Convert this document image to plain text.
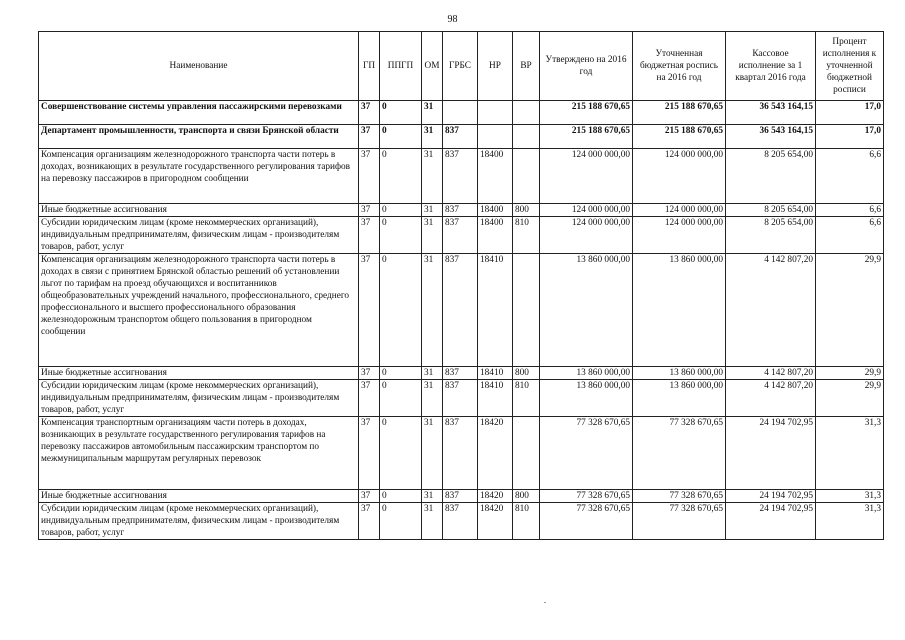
98
Наименование	ГП	ППГП	ОМ	ГРБС	НР	ВР	Утверждено на 2016 год	Уточненная бюджетная роспись на 2016 год	Кассовое исполнение за 1 квартал 2016 года	Процент исполнения к уточненной бюджетной росписи
Совершенствование системы управления пассажирскими перевозками	37	0	31				215 188 670,65	215 188 670,65	36 543 164,15	17,0
Департамент промышленности, транспорта и связи Брянской области	37	0	31	837			215 188 670,65	215 188 670,65	36 543 164,15	17,0
Компенсация организациям железнодорожного транспорта части потерь в доходах, возникающих в результате государственного регулирования тарифов на перевозку пассажиров в пригородном сообщении	37	0	31	837	18400		124 000 000,00	124 000 000,00	8 205 654,00	6,6
Иные бюджетные ассигнования	37	0	31	837	18400	800	124 000 000,00	124 000 000,00	8 205 654,00	6,6
Субсидии юридическим лицам (кроме некоммерческих организаций), индивидуальным предпринимателям, физическим лицам - производителям товаров, работ, услуг	37	0	31	837	18400	810	124 000 000,00	124 000 000,00	8 205 654,00	6,6
Компенсация организациям железнодорожного транспорта части потерь в доходах в связи с принятием Брянской областью решений об установлении льгот по тарифам на проезд обучающихся и воспитанников общеобразовательных учреждений начального, профессионального, среднего профессионального и высшего профессионального образования железнодорожным транспортом общего пользования в пригородном сообщении	37	0	31	837	18410		13 860 000,00	13 860 000,00	4 142 807,20	29,9
Иные бюджетные ассигнования	37	0	31	837	18410	800	13 860 000,00	13 860 000,00	4 142 807,20	29,9
Субсидии юридическим лицам (кроме некоммерческих организаций), индивидуальным предпринимателям, физическим лицам - производителям товаров, работ, услуг	37	0	31	837	18410	810	13 860 000,00	13 860 000,00	4 142 807,20	29,9
Компенсация транспортным организациям части потерь в доходах, возникающих в результате государственного регулирования тарифов на перевозку пассажиров автомобильным пассажирским транспортом по межмуниципальным маршрутам регулярных перевозок	37	0	31	837	18420		77 328 670,65	77 328 670,65	24 194 702,95	31,3
Иные бюджетные ассигнования	37	0	31	837	18420	800	77 328 670,65	77 328 670,65	24 194 702,95	31,3
Субсидии юридическим лицам (кроме некоммерческих организаций), индивидуальным предпринимателям, физическим лицам - производителям товаров, работ, услуг	37	0	31	837	18420	810	77 328 670,65	77 328 670,65	24 194 702,95	31,3
